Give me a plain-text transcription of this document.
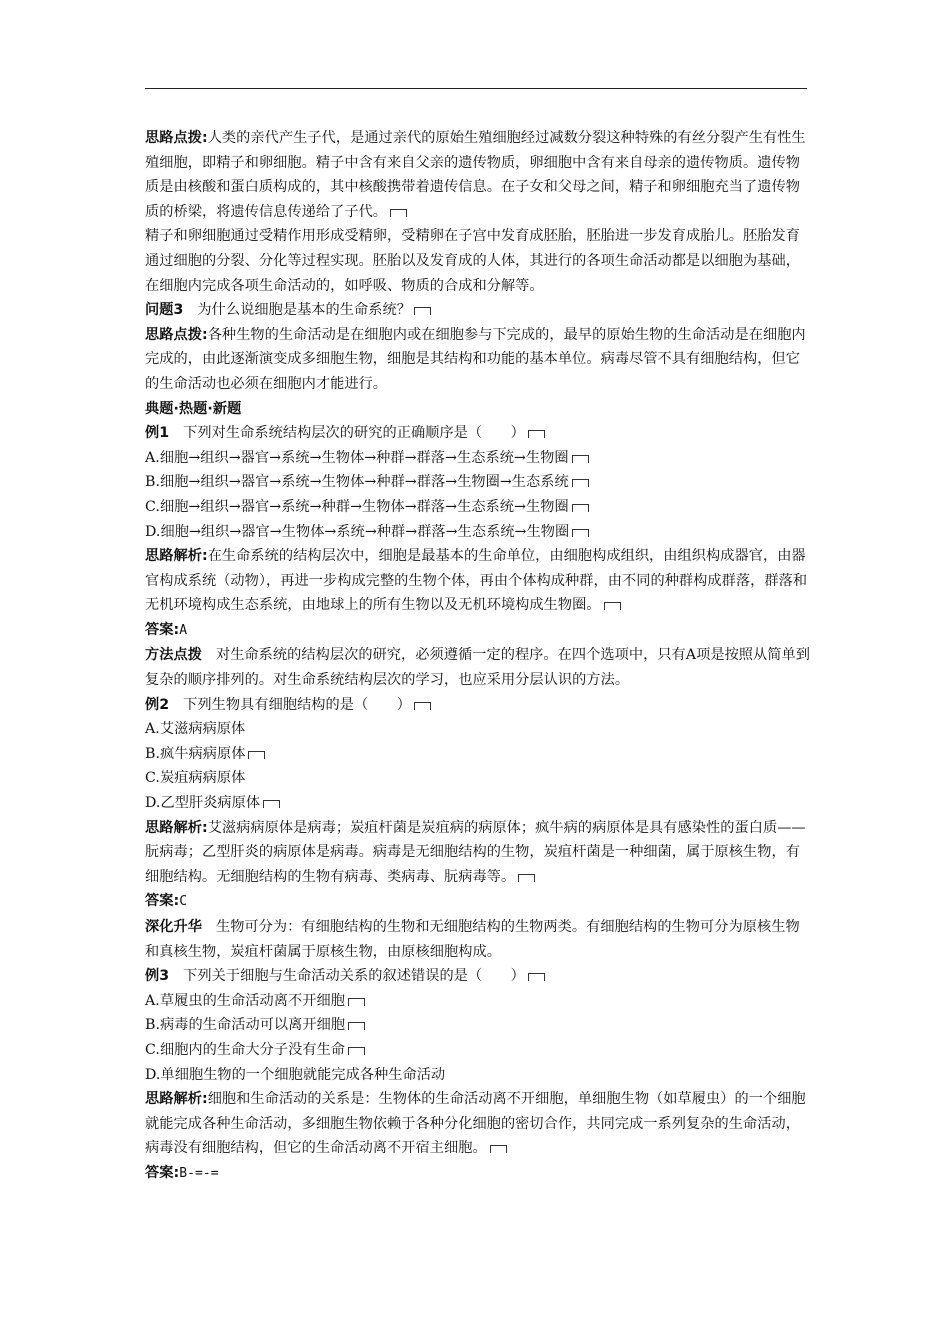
思路点拨:人类的亲代产生子代，是通过亲代的原始生殖细胞经过减数分裂这种特殊的有丝分裂产生有性生殖细胞，即精子和卵细胞。精子中含有来自父亲的遗传物质，卵细胞中含有来自母亲的遗传物质。遗传物质是由核酸和蛋白质构成的，其中核酸携带着遗传信息。在子女和父母之间，精子和卵细胞充当了遗传物质的桥梁，将遗传信息传递给了子代。
精子和卵细胞通过受精作用形成受精卵，受精卵在子宫中发育成胚胎，胚胎进一步发育成胎儿。胚胎发育通过细胞的分裂、分化等过程实现。胚胎以及发育成的人体，其进行的各项生命活动都是以细胞为基础，在细胞内完成各项生命活动的，如呼吸、物质的合成和分解等。
问题3 为什么说细胞是基本的生命系统？
思路点拨:各种生物的生命活动是在细胞内或在细胞参与下完成的，最早的原始生物的生命活动是在细胞内完成的，由此逐渐演变成多细胞生物，细胞是其结构和功能的基本单位。病毒尽管不具有细胞结构，但它的生命活动也必须在细胞内才能进行。
典题·热题·新题
例1 下列对生命系统结构层次的研究的正确顺序是（　　）
A.细胞→组织→器官→系统→生物体→种群→群落→生态系统→生物圈
B.细胞→组织→器官→系统→生物体→种群→群落→生物圈→生态系统
C.细胞→组织→器官→系统→种群→生物体→群落→生态系统→生物圈
D.细胞→组织→器官→生物体→系统→种群→群落→生态系统→生物圈
思路解析:在生命系统的结构层次中，细胞是最基本的生命单位，由细胞构成组织，由组织构成器官，由器官构成系统（动物），再进一步构成完整的生物个体，再由个体构成种群，由不同的种群构成群落，群落和无机环境构成生态系统，由地球上的所有生物以及无机环境构成生物圈。
答案:A
方法点拨 对生命系统的结构层次的研究，必须遵循一定的程序。在四个选项中，只有A项是按照从简单到复杂的顺序排列的。对生命系统结构层次的学习，也应采用分层认识的方法。
例2 下列生物具有细胞结构的是（　　）
A.艾滋病病原体
B.疯牛病病原体
C.炭疽病病原体
D.乙型肝炎病原体
思路解析:艾滋病病原体是病毒；炭疽杆菌是炭疽病的病原体；疯牛病的病原体是具有感染性的蛋白质——朊病毒；乙型肝炎的病原体是病毒。病毒是无细胞结构的生物，炭疽杆菌是一种细菌，属于原核生物，有细胞结构。无细胞结构的生物有病毒、类病毒、朊病毒等。
答案:C
深化升华 生物可分为：有细胞结构的生物和无细胞结构的生物两类。有细胞结构的生物可分为原核生物和真核生物，炭疽杆菌属于原核生物，由原核细胞构成。
例3 下列关于细胞与生命活动关系的叙述错误的是（　　）
A.草履虫的生命活动离不开细胞
B.病毒的生命活动可以离开细胞
C.细胞内的生命大分子没有生命
D.单细胞生物的一个细胞就能完成各种生命活动
思路解析:细胞和生命活动的关系是：生物体的生命活动离不开细胞，单细胞生物（如草履虫）的一个细胞就能完成各种生命活动，多细胞生物依赖于各种分化细胞的密切合作，共同完成一系列复杂的生命活动，病毒没有细胞结构，但它的生命活动离不开宿主细胞。
答案:B-=-=
